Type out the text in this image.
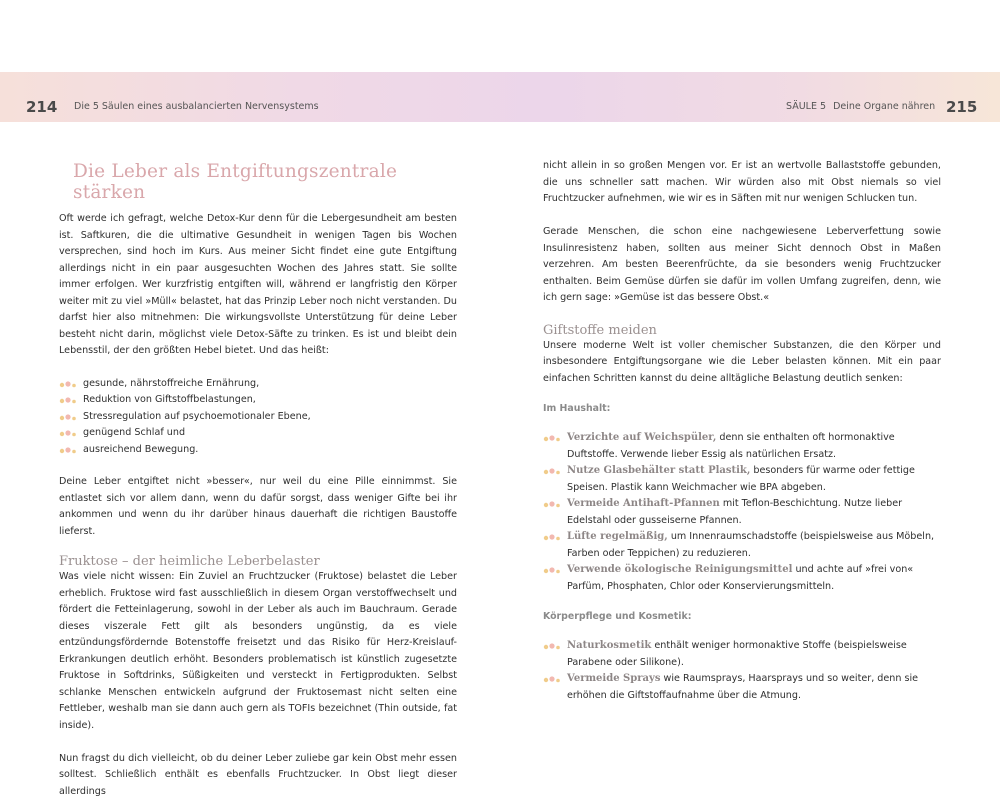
214 Die 5 Säulen eines ausbalancierten Nervensystems	SÄULE 5 Deine Organe nähren 215
Die Leber als Entgiftungszentrale stärken
Oft werde ich gefragt, welche Detox-Kur denn für die Lebergesundheit am besten ist. Saftkuren, die die ultimative Gesundheit in wenigen Tagen bis Wochen versprechen, sind hoch im Kurs. Aus meiner Sicht findet eine gute Entgiftung allerdings nicht in ein paar ausgesuchten Wochen des Jahres statt. Sie sollte immer erfolgen. Wer kurzfristig entgiften will, während er langfristig den Körper weiter mit zu viel »Müll« belastet, hat das Prinzip Leber noch nicht verstanden. Du darfst hier also mitnehmen: Die wirkungsvollste Unterstützung für deine Leber besteht nicht darin, möglichst viele Detox-Säfte zu trinken. Es ist und bleibt dein Lebensstil, der den größten Hebel bietet. Und das heißt:
gesunde, nährstoffreiche Ernährung,
Reduktion von Giftstoffbelastungen,
Stressregulation auf psychoemotionaler Ebene,
genügend Schlaf und
ausreichend Bewegung.
Deine Leber entgiftet nicht »besser«, nur weil du eine Pille einnimmst. Sie entlastet sich vor allem dann, wenn du dafür sorgst, dass weniger Gifte bei ihr ankommen und wenn du ihr darüber hinaus dauerhaft die richtigen Baustoffe lieferst.
Fruktose – der heimliche Leberbelaster
Was viele nicht wissen: Ein Zuviel an Fruchtzucker (Fruktose) belastet die Leber erheblich. Fruktose wird fast ausschließlich in diesem Organ verstoffwechselt und fördert die Fetteinlagerung, sowohl in der Leber als auch im Bauchraum. Gerade dieses viszerale Fett gilt als besonders ungünstig, da es viele entzündungsfördernde Botenstoffe freisetzt und das Risiko für Herz-Kreislauf-Erkrankungen deutlich erhöht. Besonders problematisch ist künstlich zugesetzte Fruktose in Softdrinks, Süßigkeiten und versteckt in Fertigprodukten. Selbst schlanke Menschen entwickeln aufgrund der Fruktosemast nicht selten eine Fettleber, weshalb man sie dann auch gern als TOFIs bezeichnet (Thin outside, fat inside).
Nun fragst du dich vielleicht, ob du deiner Leber zuliebe gar kein Obst mehr essen solltest. Schließlich enthält es ebenfalls Fruchtzucker. In Obst liegt dieser allerdings
nicht allein in so großen Mengen vor. Er ist an wertvolle Ballaststoffe gebunden, die uns schneller satt machen. Wir würden also mit Obst niemals so viel Fruchtzucker aufnehmen, wie wir es in Säften mit nur wenigen Schlucken tun.
Gerade Menschen, die schon eine nachgewiesene Leberverfettung sowie Insulinresistenz haben, sollten aus meiner Sicht dennoch Obst in Maßen verzehren. Am besten Beerenfrüchte, da sie besonders wenig Fruchtzucker enthalten. Beim Gemüse dürfen sie dafür im vollen Umfang zugreifen, denn, wie ich gern sage: »Gemüse ist das bessere Obst.«
Giftstoffe meiden
Unsere moderne Welt ist voller chemischer Substanzen, die den Körper und insbesondere Entgiftungsorgane wie die Leber belasten können. Mit ein paar einfachen Schritten kannst du deine alltägliche Belastung deutlich senken:
Im Haushalt:
Verzichte auf Weichspüler, denn sie enthalten oft hormonaktive Duftstoffe. Verwende lieber Essig als natürlichen Ersatz.
Nutze Glasbehälter statt Plastik, besonders für warme oder fettige Speisen. Plastik kann Weichmacher wie BPA abgeben.
Vermeide Antihaft-Pfannen mit Teflon-Beschichtung. Nutze lieber Edelstahl oder gusseiserne Pfannen.
Lüfte regelmäßig, um Innenraumschadstoffe (beispielsweise aus Möbeln, Farben oder Teppichen) zu reduzieren.
Verwende ökologische Reinigungsmittel und achte auf »frei von« Parfüm, Phosphaten, Chlor oder Konservierungsmitteln.
Körperpflege und Kosmetik:
Naturkosmetik enthält weniger hormonaktive Stoffe (beispielsweise Parabene oder Silikone).
Vermeide Sprays wie Raumsprays, Haarsprays und so weiter, denn sie erhöhen die Giftstoffaufnahme über die Atmung.
